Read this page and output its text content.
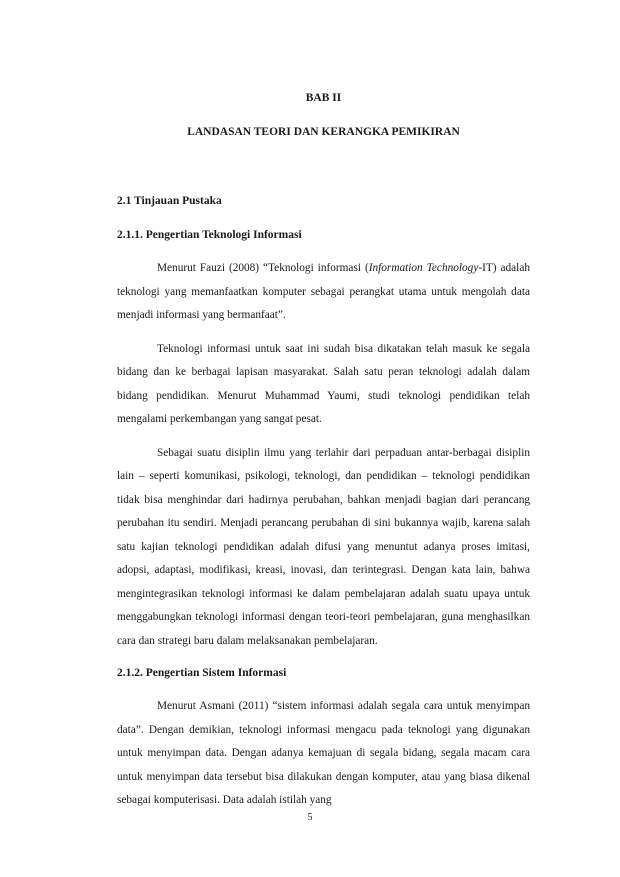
BAB II

LANDASAN TEORI DAN KERANGKA PEMIKIRAN

2.1 Tinjauan Pustaka

2.1.1. Pengertian Teknologi Informasi

Menurut Fauzi (2008) “Teknologi informasi (Information Technology-IT) adalah teknologi yang memanfaatkan komputer sebagai perangkat utama untuk mengolah data menjadi informasi yang bermanfaat”.

Teknologi informasi untuk saat ini sudah bisa dikatakan telah masuk ke segala bidang dan ke berbagai lapisan masyarakat. Salah satu peran teknologi adalah dalam bidang pendidikan. Menurut Muhammad Yaumi, studi teknologi pendidikan telah mengalami perkembangan yang sangat pesat.

Sebagai suatu disiplin ilmu yang terlahir dari perpaduan antar-berbagai disiplin lain – seperti komunikasi, psikologi, teknologi, dan pendidikan – teknologi pendidikan tidak bisa menghindar dari hadirnya perubahan, bahkan menjadi bagian dari perancang perubahan itu sendiri. Menjadi perancang perubahan di sini bukannya wajib, karena salah satu kajian teknologi pendidikan adalah difusi yang menuntut adanya proses imitasi, adopsi, adaptasi, modifikasi, kreasi, inovasi, dan terintegrasi. Dengan kata lain, bahwa mengintegrasikan teknologi informasi ke dalam pembelajaran adalah suatu upaya untuk menggabungkan teknologi informasi dengan teori-teori pembelajaran, guna menghasilkan cara dan strategi baru dalam melaksanakan pembelajaran.

2.1.2. Pengertian Sistem Informasi

Menurut Asmani (2011) “sistem informasi adalah segala cara untuk menyimpan data”. Dengan demikian, teknologi informasi mengacu pada teknologi yang digunakan untuk menyimpan data. Dengan adanya kemajuan di segala bidang, segala macam cara untuk menyimpan data tersebut bisa dilakukan dengan komputer, atau yang biasa dikenal sebagai komputerisasi. Data adalah istilah yang

5
